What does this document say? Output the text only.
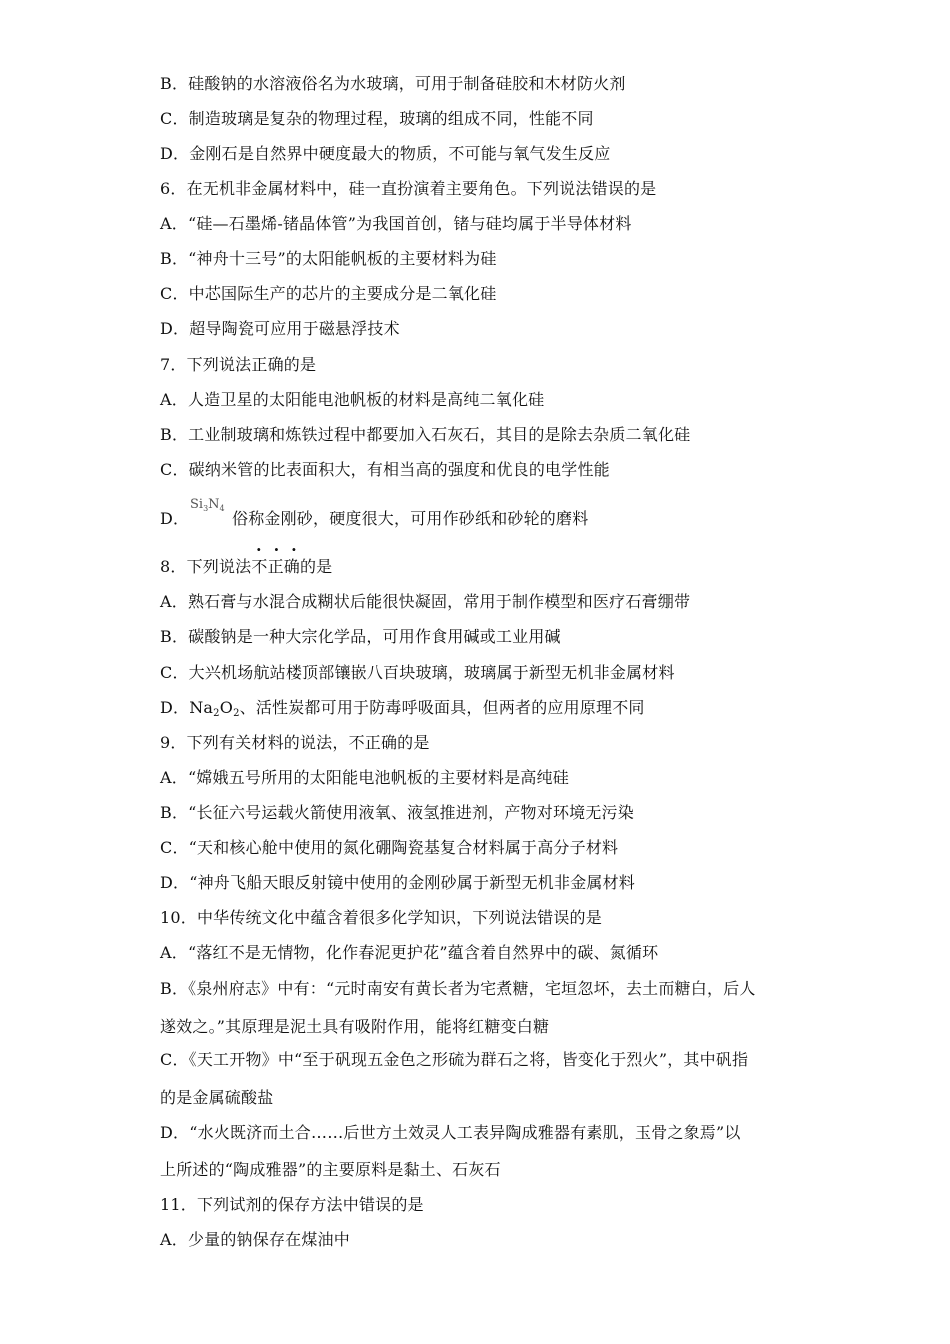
B．硅酸钠的水溶液俗名为水玻璃，可用于制备硅胶和木材防火剂
C．制造玻璃是复杂的物理过程，玻璃的组成不同，性能不同
D．金刚石是自然界中硬度最大的物质，不可能与氧气发生反应
6．在无机非金属材料中，硅一直扮演着主要角色。下列说法错误的是
A．“硅—石墨烯-锗晶体管”为我国首创，锗与硅均属于半导体材料
B．“神舟十三号”的太阳能帆板的主要材料为硅
C．中芯国际生产的芯片的主要成分是二氧化硅
D．超导陶瓷可应用于磁悬浮技术
7．下列说法正确的是
A．人造卫星的太阳能电池帆板的材料是高纯二氧化硅
B．工业制玻璃和炼铁过程中都要加入石灰石，其目的是除去杂质二氧化硅
C．碳纳米管的比表面积大，有相当高的强度和优良的电学性能
D．
$Si_3N_4$
俗称金刚砂，硬度很大，可用作砂纸和砂轮的磨料
···
8．下列说法不正确的是
A．熟石膏与水混合成糊状后能很快凝固，常用于制作模型和医疗石膏绷带
B．碳酸钠是一种大宗化学品，可用作食用碱或工业用碱
C．大兴机场航站楼顶部镶嵌八百块玻璃，玻璃属于新型无机非金属材料
D．$Na_2O_2$、活性炭都可用于防毒呼吸面具，但两者的应用原理不同
9．下列有关材料的说法，不正确的是
A．“嫦娥五号所用的太阳能电池帆板的主要材料是高纯硅
B．“长征六号运载火箭使用液氧、液氢推进剂，产物对环境无污染
C．“天和核心舱中使用的氮化硼陶瓷基复合材料属于高分子材料
D．“神舟飞船天眼反射镜中使用的金刚砂属于新型无机非金属材料
10．中华传统文化中蕴含着很多化学知识，下列说法错误的是
A．“落红不是无情物，化作春泥更护花”蕴含着自然界中的碳、氮循环
B．《泉州府志》中有：“元时南安有黄长者为宅煮糖，宅垣忽坏，去土而糖白，后人
遂效之。”其原理是泥土具有吸附作用，能将红糖变白糖
C．《天工开物》中“至于矾现五金色之形硫为群石之将，皆变化于烈火”，其中矾指
的是金属硫酸盐
D．“水火既济而土合……后世方土效灵人工表异陶成雅器有素肌，玉骨之象焉”以
上所述的“陶成雅器”的主要原料是黏土、石灰石
11．下列试剂的保存方法中错误的是
A．少量的钠保存在煤油中
